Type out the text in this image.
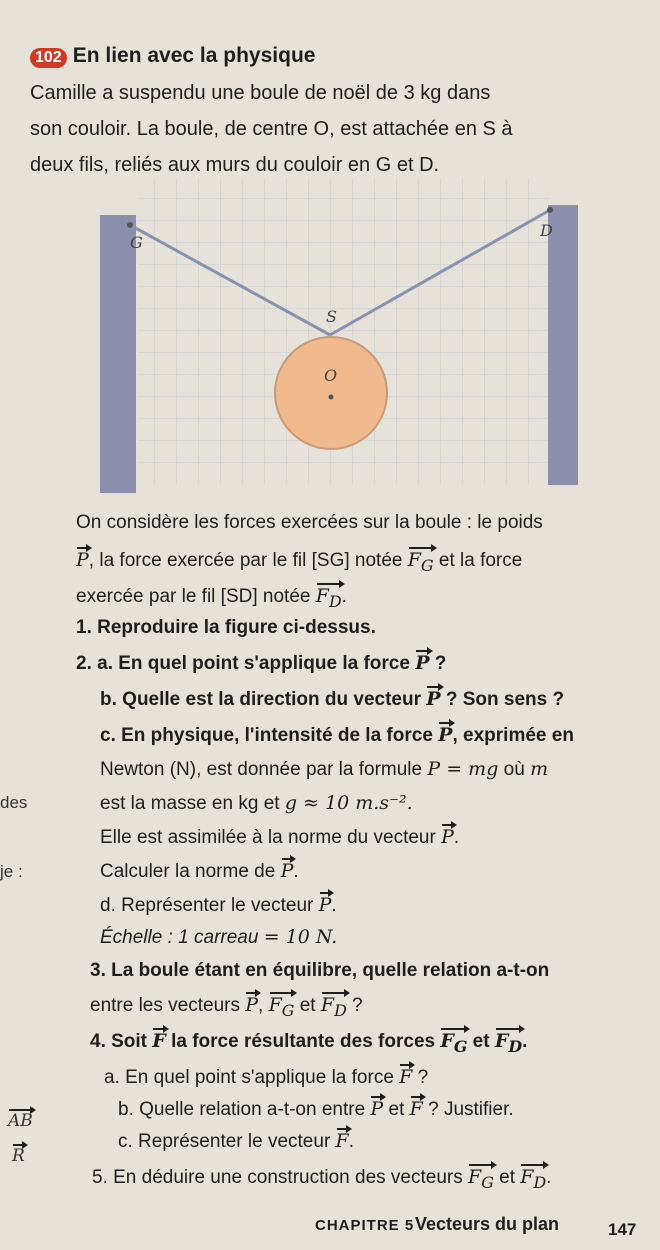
102 En lien avec la physique
Camille a suspendu une boule de noël de 3 kg dans
son couloir. La boule, de centre O, est attachée en S à
deux fils, reliés aux murs du couloir en G et D.
G
D
S
O
On considère les forces exercées sur la boule : le poids
P, la force exercée par le fil [SG] notée $F_G$ et la force
exercée par le fil [SD] notée $F_D$.
1. Reproduire la figure ci-dessus.
2. a. En quel point s'applique la force P ?
b. Quelle est la direction du vecteur P ? Son sens ?
c. En physique, l'intensité de la force P, exprimée en
Newton (N), est donnée par la formule P = mg où m
est la masse en kg et g ≈ 10 m.s⁻².
Elle est assimilée à la norme du vecteur P.
Calculer la norme de P.
d. Représenter le vecteur P.
Échelle : 1 carreau = 10 N.
3. La boule étant en équilibre, quelle relation a-t-on
entre les vecteurs P, $F_G$ et $F_D$ ?
4. Soit F la force résultante des forces $F_G$ et $F_D$.
a. En quel point s'applique la force F ?
b. Quelle relation a-t-on entre P et F ? Justifier.
c. Représenter le vecteur F.
5. En déduire une construction des vecteurs $F_G$ et $F_D$.
des
je :
AB
R
CHAPITRE 5 Vecteurs du plan	147
